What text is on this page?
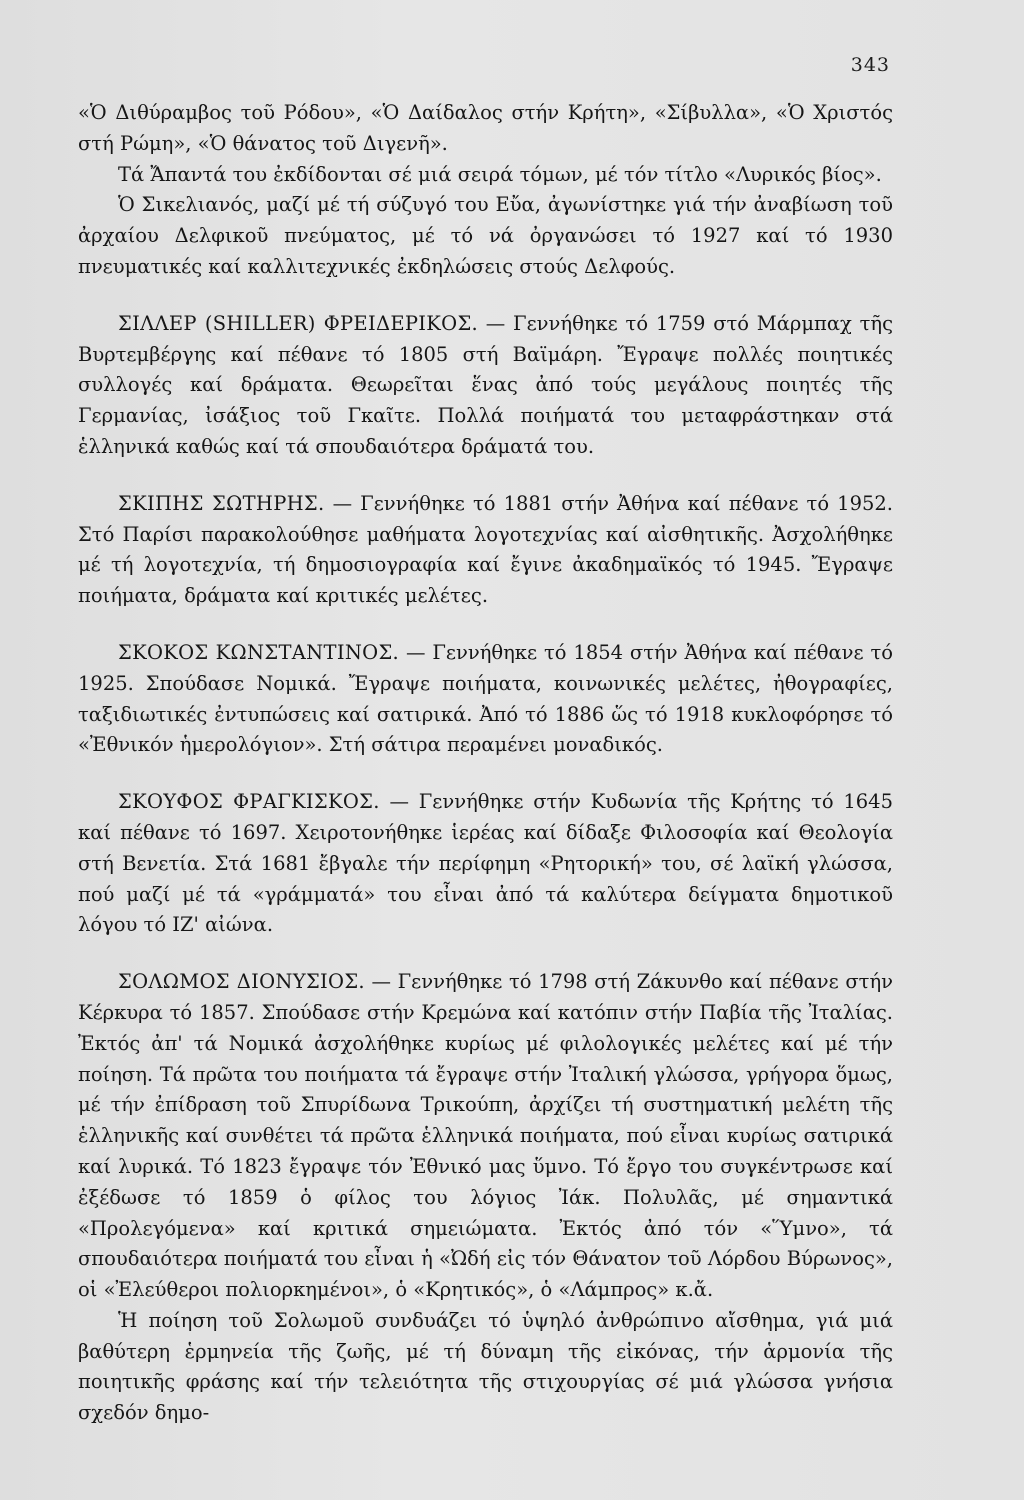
343

«Ὁ Διθύραμβος τοῦ Ρόδου», «Ὁ Δαίδαλος στήν Κρήτη», «Σίβυλλα», «Ὁ Χριστός στή Ρώμη», «Ὁ θάνατος τοῦ Διγενῆ».

Τά Ἄπαντά του ἐκδίδονται σέ μιά σειρά τόμων, μέ τόν τίτλο «Λυρικός βίος».

Ὁ Σικελιανός, μαζί μέ τή σύζυγό του Εὔα, ἀγωνίστηκε γιά τήν ἀναβίωση τοῦ ἀρχαίου Δελφικοῦ πνεύματος, μέ τό νά ὀργανώσει τό 1927 καί τό 1930 πνευματικές καί καλλιτεχνικές ἐκδηλώσεις στούς Δελφούς.

ΣΙΛΛΕΡ (SHILLER) ΦΡΕΙΔΕΡΙΚΟΣ. — Γεννήθηκε τό 1759 στό Μάρμπαχ τῆς Βυρτεμβέργης καί πέθανε τό 1805 στή Βαϊμάρη. Ἔγραψε πολλές ποιητικές συλλογές καί δράματα. Θεωρεῖται ἕνας ἀπό τούς μεγάλους ποιητές τῆς Γερμανίας, ἰσάξιος τοῦ Γκαῖτε. Πολλά ποιήματά του μεταφράστηκαν στά ἑλληνικά καθώς καί τά σπουδαιότερα δράματά του.

ΣΚΙΠΗΣ ΣΩΤΗΡΗΣ. — Γεννήθηκε τό 1881 στήν Ἀθήνα καί πέθανε τό 1952. Στό Παρίσι παρακολούθησε μαθήματα λογοτεχνίας καί αἰσθητικῆς. Ἀσχολήθηκε μέ τή λογοτεχνία, τή δημοσιογραφία καί ἔγινε ἀκαδημαϊκός τό 1945. Ἔγραψε ποιήματα, δράματα καί κριτικές μελέτες.

ΣΚΟΚΟΣ ΚΩΝΣΤΑΝΤΙΝΟΣ. — Γεννήθηκε τό 1854 στήν Ἀθήνα καί πέθανε τό 1925. Σπούδασε Νομικά. Ἔγραψε ποιήματα, κοινωνικές μελέτες, ἠθογραφίες, ταξιδιωτικές ἐντυπώσεις καί σατιρικά. Ἀπό τό 1886 ὥς τό 1918 κυκλοφόρησε τό «Ἐθνικόν ἡμερολόγιον». Στή σάτιρα περαμένει μοναδικός.

ΣΚΟΥΦΟΣ ΦΡΑΓΚΙΣΚΟΣ. — Γεννήθηκε στήν Κυδωνία τῆς Κρήτης τό 1645 καί πέθανε τό 1697. Χειροτονήθηκε ἱερέας καί δίδαξε Φιλοσοφία καί Θεολογία στή Βενετία. Στά 1681 ἔβγαλε τήν περίφημη «Ρητορική» του, σέ λαϊκή γλώσσα, πού μαζί μέ τά «γράμματά» του εἶναι ἀπό τά καλύτερα δείγματα δημοτικοῦ λόγου τό ΙΖ' αἰώνα.

ΣΟΛΩΜΟΣ ΔΙΟΝΥΣΙΟΣ. — Γεννήθηκε τό 1798 στή Ζάκυνθο καί πέθανε στήν Κέρκυρα τό 1857. Σπούδασε στήν Κρεμώνα καί κατόπιν στήν Παβία τῆς Ἰταλίας. Ἐκτός ἀπ' τά Νομικά ἀσχολήθηκε κυρίως μέ φιλολογικές μελέτες καί μέ τήν ποίηση. Τά πρῶτα του ποιήματα τά ἔγραψε στήν Ἰταλική γλώσσα, γρήγορα ὅμως, μέ τήν ἐπίδραση τοῦ Σπυρίδωνα Τρικούπη, ἀρχίζει τή συστηματική μελέτη τῆς ἑλληνικῆς καί συνθέτει τά πρῶτα ἑλληνικά ποιήματα, πού εἶναι κυρίως σατιρικά καί λυρικά. Τό 1823 ἔγραψε τόν Ἐθνικό μας ὕμνο. Τό ἔργο του συγκέντρωσε καί ἐξέδωσε τό 1859 ὁ φίλος του λόγιος Ἰάκ. Πολυλᾶς, μέ σημαντικά «Προλεγόμενα» καί κριτικά σημειώματα. Ἐκτός ἀπό τόν «Ὕμνο», τά σπουδαιότερα ποιήματά του εἶναι ἡ «Ὠδή εἰς τόν Θάνατον τοῦ Λόρδου Βύρωνος», οἱ «Ἐλεύθεροι πολιορκημένοι», ὁ «Κρητικός», ὁ «Λάμπρος» κ.ἄ.

Ἡ ποίηση τοῦ Σολωμοῦ συνδυάζει τό ὑψηλό ἀνθρώπινο αἴσθημα, γιά μιά βαθύτερη ἑρμηνεία τῆς ζωῆς, μέ τή δύναμη τῆς εἰκόνας, τήν ἁρμονία τῆς ποιητικῆς φράσης καί τήν τελειότητα τῆς στιχουργίας σέ μιά γλώσσα γνήσια σχεδόν δημο-
